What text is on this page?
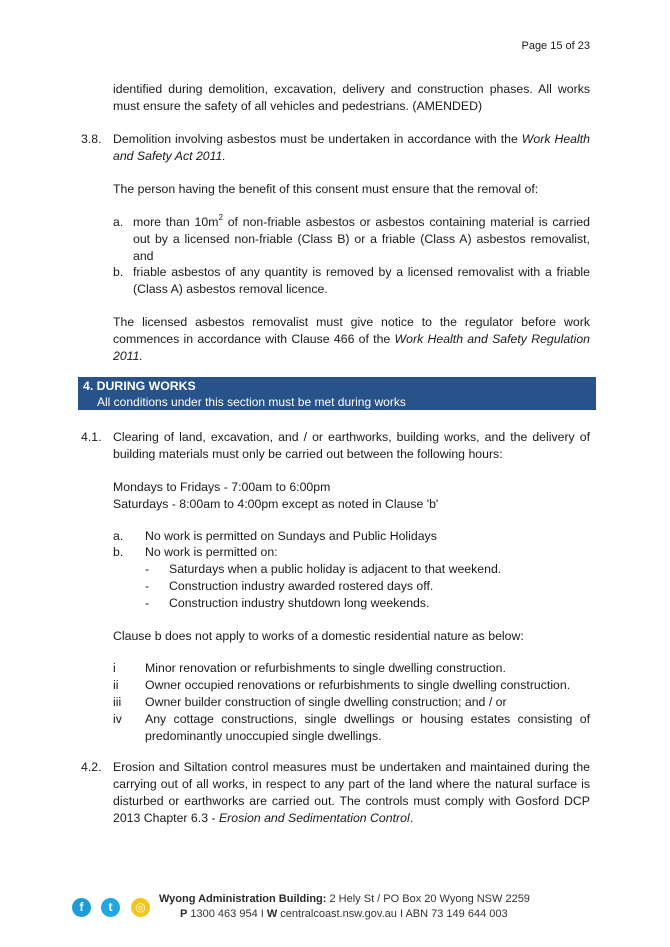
Page 15 of 23

identified during demolition, excavation, delivery and construction phases. All works must ensure the safety of all vehicles and pedestrians. (AMENDED)

3.8. Demolition involving asbestos must be undertaken in accordance with the Work Health and Safety Act 2011.

The person having the benefit of this consent must ensure that the removal of:

a. more than $10m^2$ of non-friable asbestos or asbestos containing material is carried out by a licensed non-friable (Class B) or a friable (Class A) asbestos removalist, and
b. friable asbestos of any quantity is removed by a licensed removalist with a friable (Class A) asbestos removal licence.

The licensed asbestos removalist must give notice to the regulator before work commences in accordance with Clause 466 of the Work Health and Safety Regulation 2011.

4. DURING WORKS
All conditions under this section must be met during works
4.1. Clearing of land, excavation, and / or earthworks, building works, and the delivery of building materials must only be carried out between the following hours:

Mondays to Fridays - 7:00am to 6:00pm

Saturdays - 8:00am to 4:00pm except as noted in Clause 'b'

a. No work is permitted on Sundays and Public Holidays
b. No work is permitted on:
- Saturdays when a public holiday is adjacent to that weekend.
- Construction industry awarded rostered days off.
- Construction industry shutdown long weekends.

Clause b does not apply to works of a domestic residential nature as below:

i Minor renovation or refurbishments to single dwelling construction.
ii Owner occupied renovations or refurbishments to single dwelling construction.
iii Owner builder construction of single dwelling construction; and / or
iv Any cottage constructions, single dwellings or housing estates consisting of predominantly unoccupied single dwellings.
4.2. Erosion and Siltation control measures must be undertaken and maintained during the carrying out of all works, in respect to any part of the land where the natural surface is disturbed or earthworks are carried out. The controls must comply with Gosford DCP 2013 Chapter 6.3 - Erosion and Sedimentation Control.

f	t	◎
Wyong Administration Building: 2 Hely St / PO Box 20 Wyong NSW 2259
P 1300 463 954 I W centralcoast.nsw.gov.au I ABN 73 149 644 003
